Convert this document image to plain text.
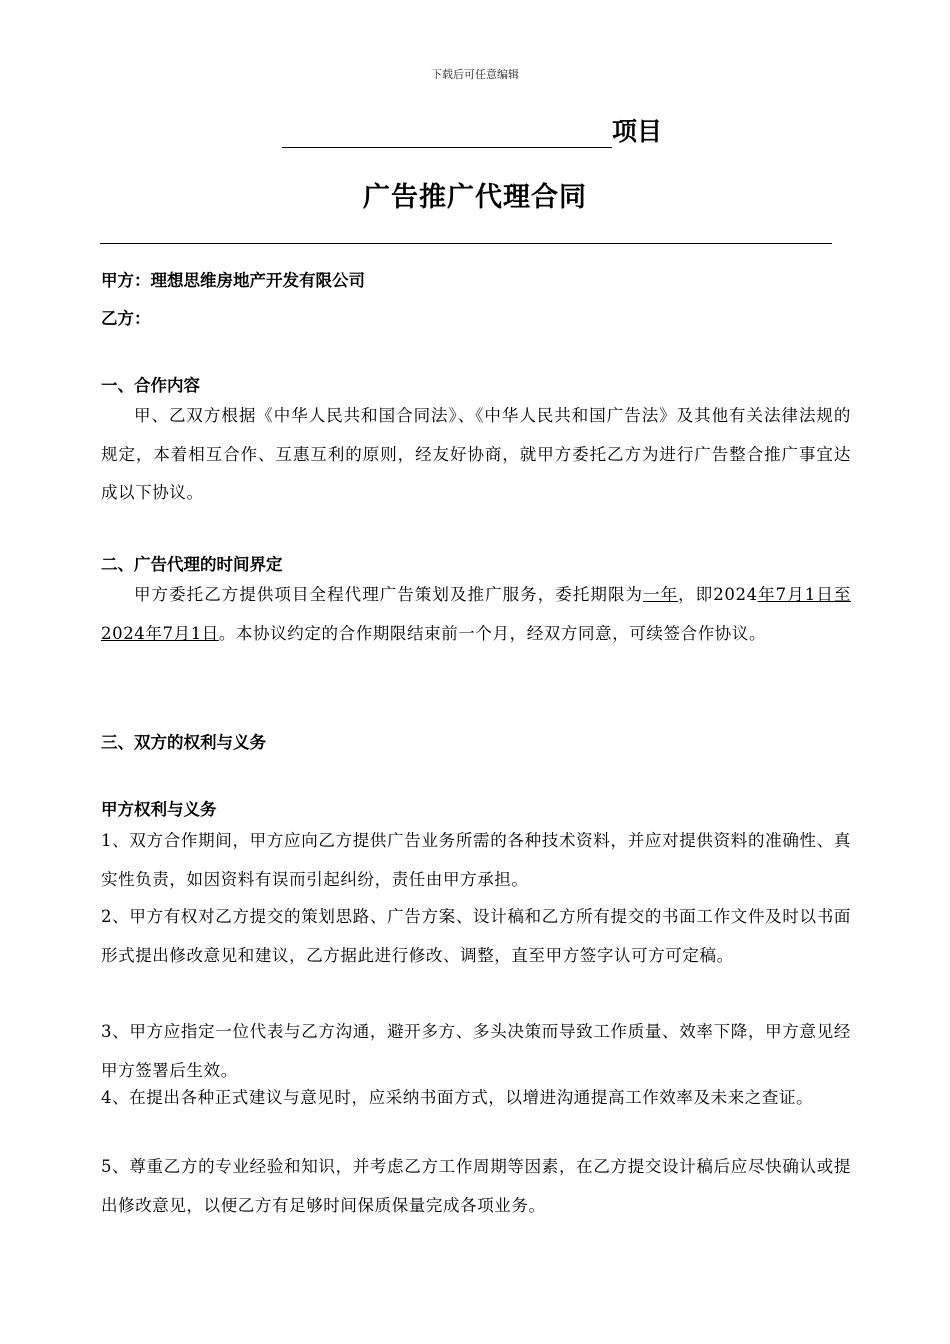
下载后可任意编辑
项目
广告推广代理合同
甲方：理想思维房地产开发有限公司
乙方：
一、合作内容
甲、乙双方根据《中华人民共和国合同法》、《中华人民共和国广告法》及其他有关法律法规的规定，本着相互合作、互惠互利的原则，经友好协商，就甲方委托乙方为进行广告整合推广事宜达成以下协议。
二、广告代理的时间界定
甲方委托乙方提供项目全程代理广告策划及推广服务，委托期限为一年，即2024年7月1日至 2024年7月1日。本协议约定的合作期限结束前一个月，经双方同意，可续签合作协议。
三、双方的权利与义务
甲方权利与义务
1、双方合作期间，甲方应向乙方提供广告业务所需的各种技术资料，并应对提供资料的准确性、真实性负责，如因资料有误而引起纠纷，责任由甲方承担。
2、甲方有权对乙方提交的策划思路、广告方案、设计稿和乙方所有提交的书面工作文件及时以书面形式提出修改意见和建议，乙方据此进行修改、调整，直至甲方签字认可方可定稿。
3、甲方应指定一位代表与乙方沟通，避开多方、多头决策而导致工作质量、效率下降，甲方意见经甲方签署后生效。
4、在提出各种正式建议与意见时，应采纳书面方式，以增进沟通提高工作效率及未来之查证。
5、尊重乙方的专业经验和知识，并考虑乙方工作周期等因素，在乙方提交设计稿后应尽快确认或提出修改意见，以便乙方有足够时间保质保量完成各项业务。
